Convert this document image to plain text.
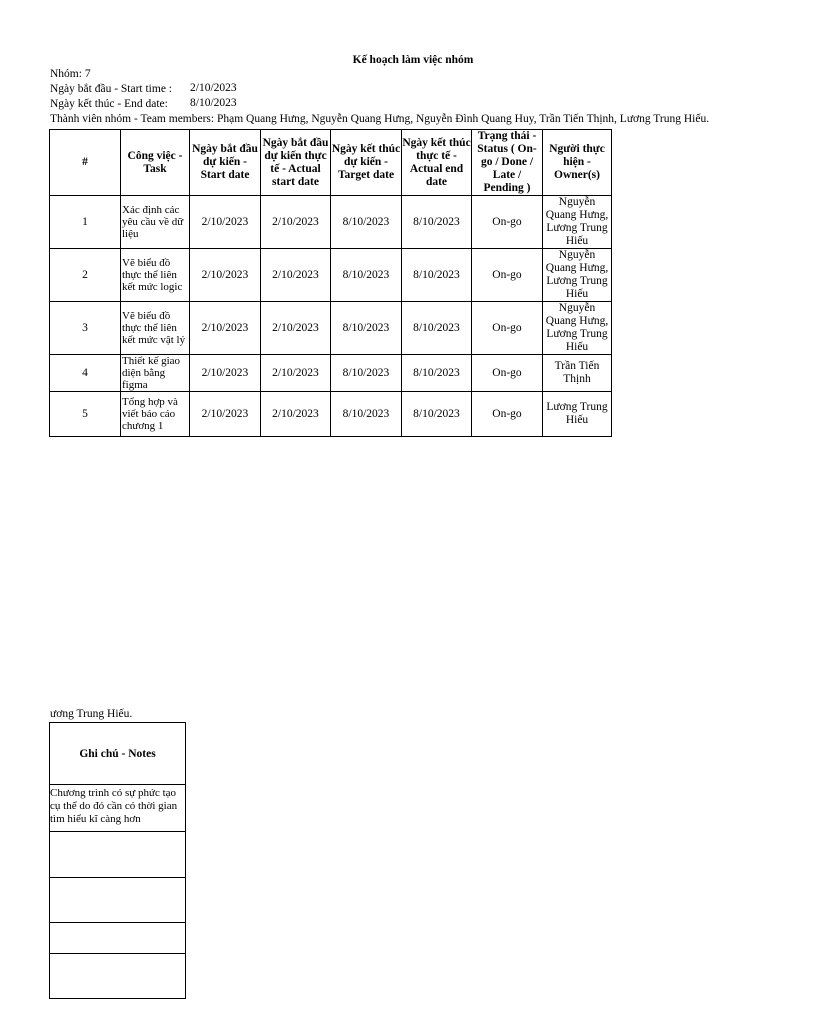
Kế hoạch làm việc nhóm
Nhóm: 7
Ngày bắt đầu - Start time : 2/10/2023
Ngày kết thúc - End date: 8/10/2023
Thành viên nhóm - Team members: Phạm Quang Hưng, Nguyễn Quang Hưng, Nguyễn Đình Quang Huy, Trần Tiến Thịnh, Lương Trung Hiếu.
#	Công việc - Task	Ngày bắt đầu dự kiến - Start date	Ngày bắt đầu dự kiến thực tế - Actual start date	Ngày kết thúc dự kiến - Target date	Ngày kết thúc thực tế - Actual end date	Trạng thái - Status ( On-go / Done / Late / Pending )	Người thực hiện - Owner(s)
1	Xác định các yêu cầu về dữ liệu	2/10/2023	2/10/2023	8/10/2023	8/10/2023	On-go	Nguyễn Quang Hưng, Lương Trung Hiếu
2	Vẽ biểu đồ thực thể liên kết mức logic	2/10/2023	2/10/2023	8/10/2023	8/10/2023	On-go	Nguyễn Quang Hưng, Lương Trung Hiếu
3	Vẽ biểu đồ thực thể liên kết mức vật lý	2/10/2023	2/10/2023	8/10/2023	8/10/2023	On-go	Nguyễn Quang Hưng, Lương Trung Hiếu
4	Thiết kế giao diện bằng figma	2/10/2023	2/10/2023	8/10/2023	8/10/2023	On-go	Trần Tiến Thịnh
5	Tổng hợp và viết báo cáo chương 1	2/10/2023	2/10/2023	8/10/2023	8/10/2023	On-go	Lương Trung Hiếu
ương Trung Hiếu.
Ghi chú - Notes
Chương trình có sự phức tạo cụ thể do đó cần có thời gian tìm hiểu kĩ càng hơn
